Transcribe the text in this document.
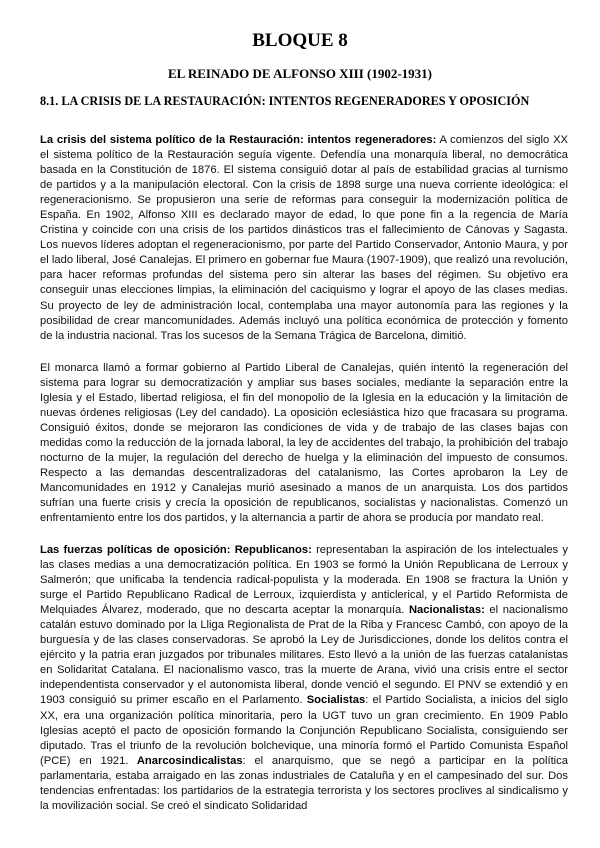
BLOQUE 8
EL REINADO DE ALFONSO XIII (1902-1931)
8.1. LA CRISIS DE LA RESTAURACIÓN: INTENTOS REGENERADORES Y OPOSICIÓN

La crisis del sistema político de la Restauración: intentos regeneradores: A comienzos del siglo XX el sistema político de la Restauración seguía vigente. Defendía una monarquía liberal, no democrática basada en la Constitución de 1876. El sistema consiguió dotar al país de estabilidad gracias al turnismo de partidos y a la manipulación electoral. Con la crisis de 1898 surge una nueva corriente ideológica: el regeneracionismo. Se propusieron una serie de reformas para conseguir la modernización política de España. En 1902, Alfonso XIII es declarado mayor de edad, lo que pone fin a la regencia de María Cristina y coincide con una crisis de los partidos dinásticos tras el fallecimiento de Cánovas y Sagasta. Los nuevos líderes adoptan el regeneracionismo, por parte del Partido Conservador, Antonio Maura, y por el lado liberal, José Canalejas. El primero en gobernar fue Maura (1907-1909), que realizó una revolución, para hacer reformas profundas del sistema pero sin alterar las bases del régimen. Su objetivo era conseguir unas elecciones limpias, la eliminación del caciquismo y lograr el apoyo de las clases medias. Su proyecto de ley de administración local, contemplaba una mayor autonomía para las regiones y la posibilidad de crear mancomunidades. Además incluyó una política económica de protección y fomento de la industria nacional. Tras los sucesos de la Semana Trágica de Barcelona, dimitió.

El monarca llamó a formar gobierno al Partido Liberal de Canalejas, quién intentó la regeneración del sistema para lograr su democratización y ampliar sus bases sociales, mediante la separación entre la Iglesia y el Estado, libertad religiosa, el fin del monopolio de la Iglesia en la educación y la limitación de nuevas órdenes religiosas (Ley del candado). La oposición eclesiástica hizo que fracasara su programa. Consiguió éxitos, donde se mejoraron las condiciones de vida y de trabajo de las clases bajas con medidas como la reducción de la jornada laboral, la ley de accidentes del trabajo, la prohibición del trabajo nocturno de la mujer, la regulación del derecho de huelga y la eliminación del impuesto de consumos. Respecto a las demandas descentralizadoras del catalanismo, las Cortes aprobaron la Ley de Mancomunidades en 1912 y Canalejas murió asesinado a manos de un anarquista. Los dos partidos sufrían una fuerte crisis y crecía la oposición de republicanos, socialistas y nacionalistas. Comenzó un enfrentamiento entre los dos partidos, y la alternancia a partir de ahora se producía por mandato real.

Las fuerzas políticas de oposición: Republicanos: representaban la aspiración de los intelectuales y las clases medias a una democratización política. En 1903 se formó la Unión Republicana de Lerroux y Salmerón; que unificaba la tendencia radical-populista y la moderada. En 1908 se fractura la Unión y surge el Partido Republicano Radical de Lerroux, izquierdista y anticlerical, y el Partido Reformista de Melquiades Álvarez, moderado, que no descarta aceptar la monarquía. Nacionalistas: el nacionalismo catalán estuvo dominado por la Lliga Regionalista de Prat de la Riba y Francesc Cambó, con apoyo de la burguesía y de las clases conservadoras. Se aprobó la Ley de Jurisdicciones, donde los delitos contra el ejército y la patria eran juzgados por tribunales militares. Esto llevó a la unión de las fuerzas catalanistas en Solidaritat Catalana. El nacionalismo vasco, tras la muerte de Arana, vivió una crisis entre el sector independentista conservador y el autonomista liberal, donde venció el segundo. El PNV se extendió y en 1903 consiguió su primer escaño en el Parlamento. Socialistas: el Partido Socialista, a inicios del siglo XX, era una organización política minoritaria, pero la UGT tuvo un gran crecimiento. En 1909 Pablo Iglesias aceptó el pacto de oposición formando la Conjunción Republicano Socialista, consiguiendo ser diputado. Tras el triunfo de la revolución bolchevique, una minoría formó el Partido Comunista Español (PCE) en 1921. Anarcosindicalistas: el anarquismo, que se negó a participar en la política parlamentaria, estaba arraigado en las zonas industriales de Cataluña y en el campesinado del sur. Dos tendencias enfrentadas: los partidarios de la estrategia terrorista y los sectores proclives al sindicalismo y la movilización social. Se creó el sindicato Solidaridad
